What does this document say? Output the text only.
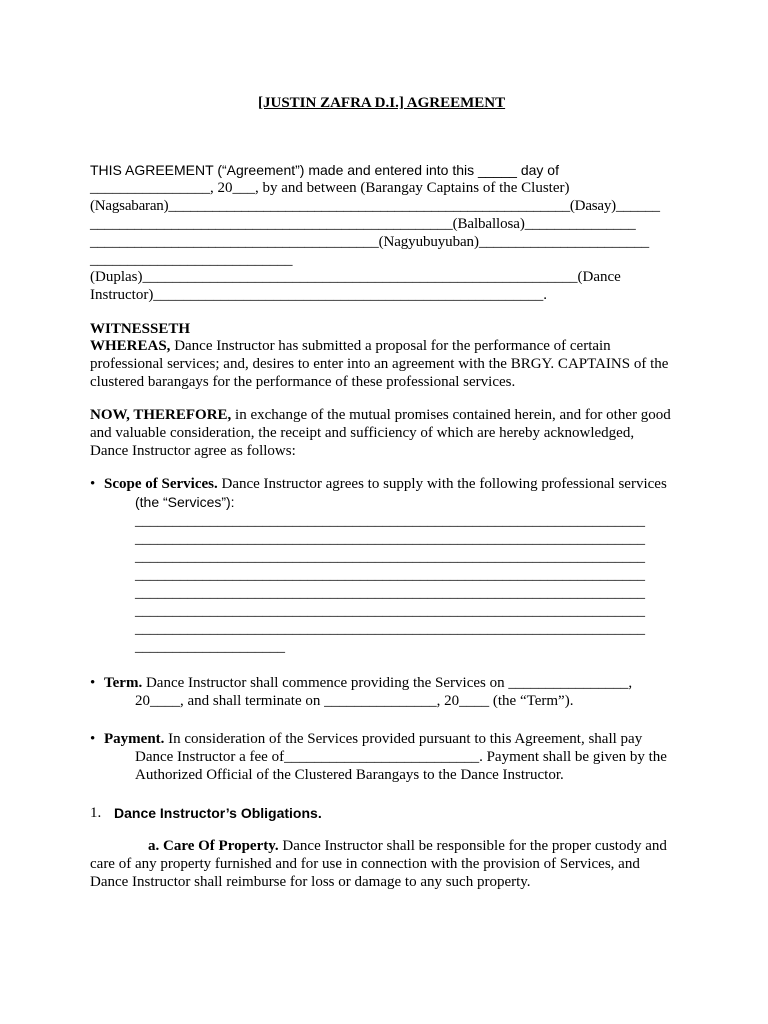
[JUSTIN ZAFRA D.I.] AGREEMENT
THIS AGREEMENT (“Agreement”) made and entered into this _____ day of
________________, 20___, by and between (Barangay Captains of the Cluster)
(Nagsabaran)_______________________________________________________(Dasay)______
_________________________________________________(Balballosa)_______________
_______________________________________(Nagyubuyuban)_______________________
___________________________
(Duplas)__________________________________________________________(Dance
Instructor)____________________________________________________.
WITNESSETH
WHEREAS, Dance Instructor has submitted a proposal for the performance of certain
professional services; and, desires to enter into an agreement with the BRGY. CAPTAINS of the
clustered barangays for the performance of these professional services.
NOW, THEREFORE, in exchange of the mutual promises contained herein, and for other good
and valuable consideration, the receipt and sufficiency of which are hereby acknowledged,
Dance Instructor agree as follows:
• Scope of Services. Dance Instructor agrees to supply with the following professional services
(the “Services”):
____________________________________________________________________
____________________________________________________________________
____________________________________________________________________
____________________________________________________________________
____________________________________________________________________
____________________________________________________________________
____________________________________________________________________
____________________
• Term. Dance Instructor shall commence providing the Services on ________________,
20____, and shall terminate on _______________, 20____ (the “Term”).
• Payment. In consideration of the Services provided pursuant to this Agreement, shall pay
Dance Instructor a fee of__________________________. Payment shall be given by the
Authorized Official of the Clustered Barangays to the Dance Instructor.
1. Dance Instructor’s Obligations.
a. Care Of Property. Dance Instructor shall be responsible for the proper custody and
care of any property furnished and for use in connection with the provision of Services, and
Dance Instructor shall reimburse for loss or damage to any such property.
